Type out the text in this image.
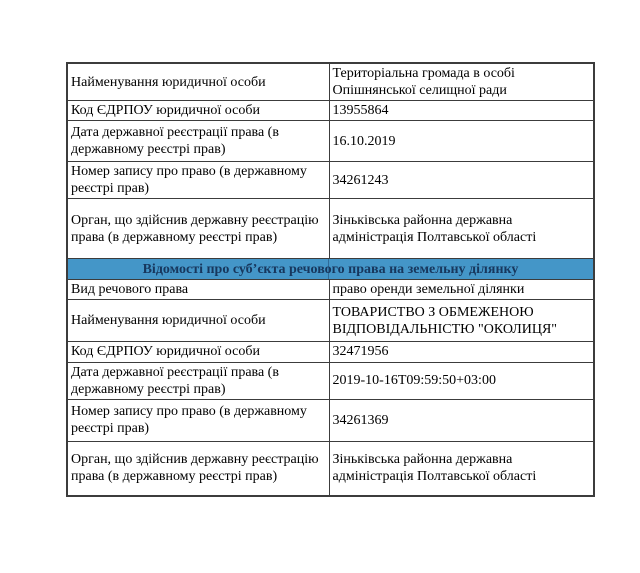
Найменування юридичної особи	Територіальна громада в особі Опішнянської селищної ради
Код ЄДРПОУ юридичної особи	13955864
Дата державної реєстрації права (в державному реєстрі прав)	16.10.2019
Номер запису про право (в державному реєстрі прав)	34261243
Орган, що здійснив державну реєстрацію права (в державному реєстрі прав)	Зіньківська районна державна адміністрація Полтавської області
Відомості про суб’єкта речового права на земельну ділянку	
Вид речового права	право оренди земельної ділянки
Найменування юридичної особи	ТОВАРИСТВО З ОБМЕЖЕНОЮ ВІДПОВІДАЛЬНІСТЮ "ОКОЛИЦЯ"
Код ЄДРПОУ юридичної особи	32471956
Дата державної реєстрації права (в державному реєстрі прав)	2019-10-16T09:59:50+03:00
Номер запису про право (в державному реєстрі прав)	34261369
Орган, що здійснив державну реєстрацію права (в державному реєстрі прав)	Зіньківська районна державна адміністрація Полтавської області
